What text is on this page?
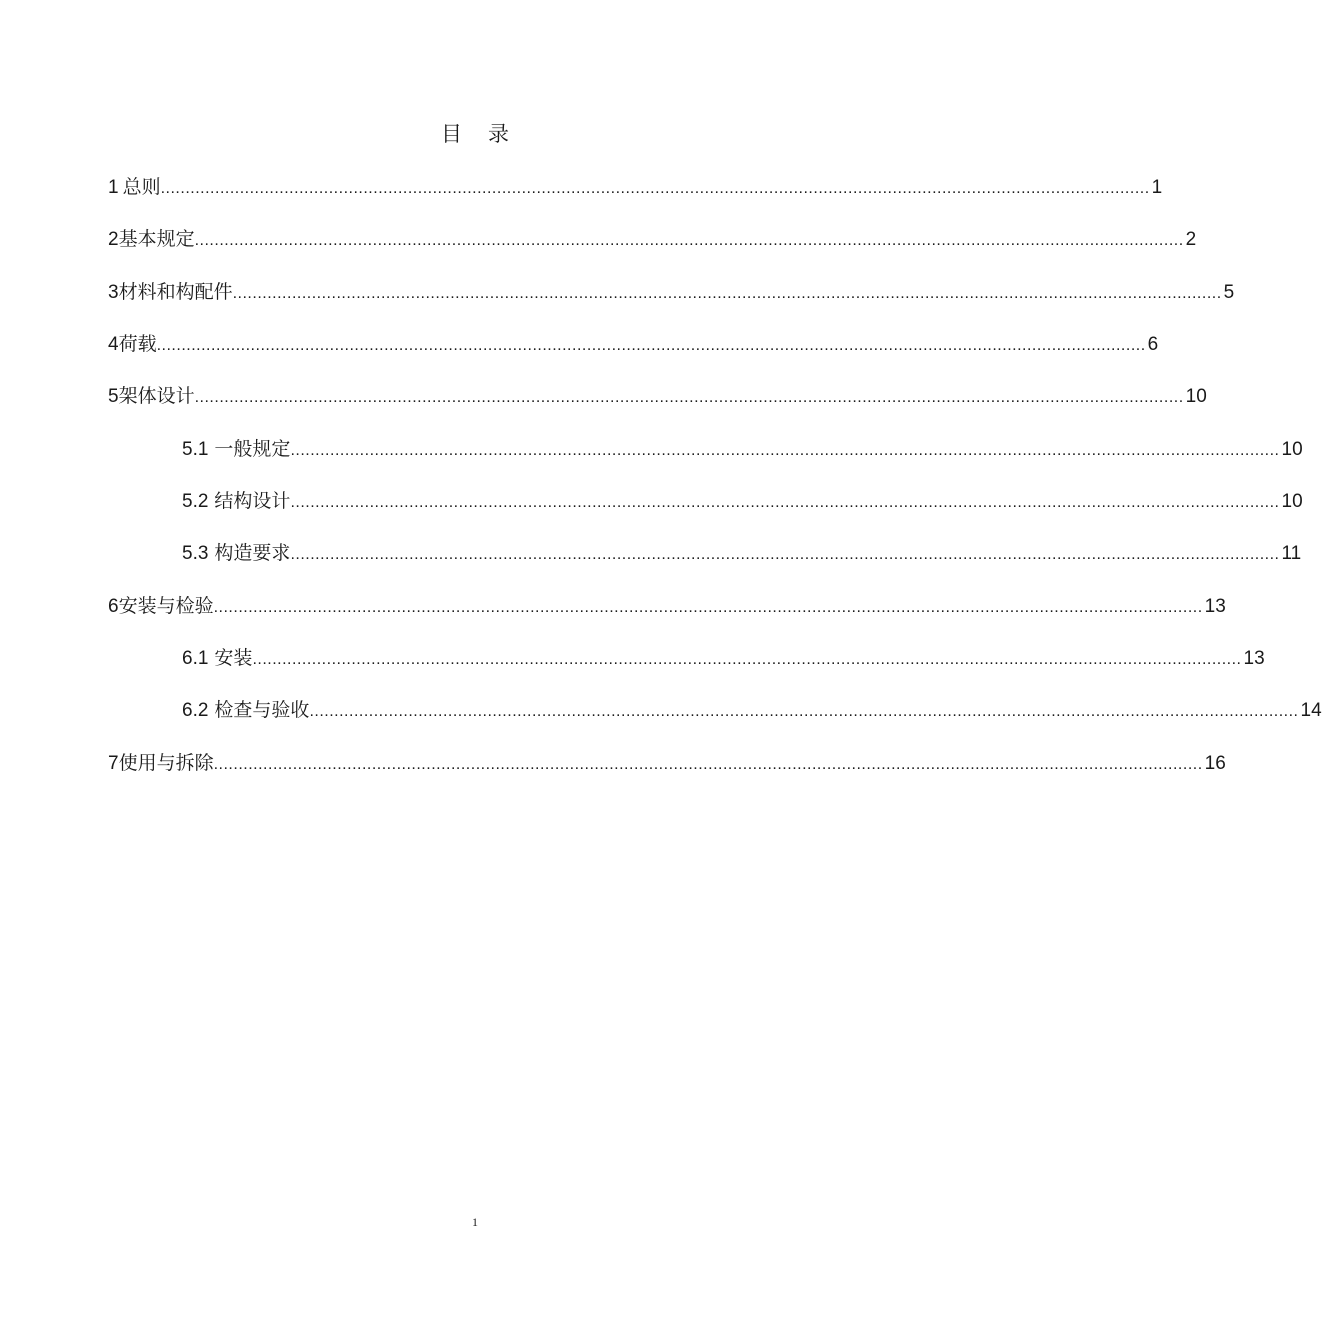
目 录
1 总则 ........................................................................................................................................................................................................ 1
2 基本规定 ........................................................................................................................................................................................................ 2
3 材料和构配件 ........................................................................................................................................................................................................ 5
4 荷载 ........................................................................................................................................................................................................ 6
5 架体设计 ........................................................................................................................................................................................................ 10
5.1 一般规定 ........................................................................................................................................................................................................ 10
5.2 结构设计 ........................................................................................................................................................................................................ 10
5.3 构造要求 ........................................................................................................................................................................................................ 11
6 安装与检验 ........................................................................................................................................................................................................ 13
6.1 安装 ........................................................................................................................................................................................................ 13
6.2 检查与验收 ........................................................................................................................................................................................................ 14
7 使用与拆除 ........................................................................................................................................................................................................ 16
1
